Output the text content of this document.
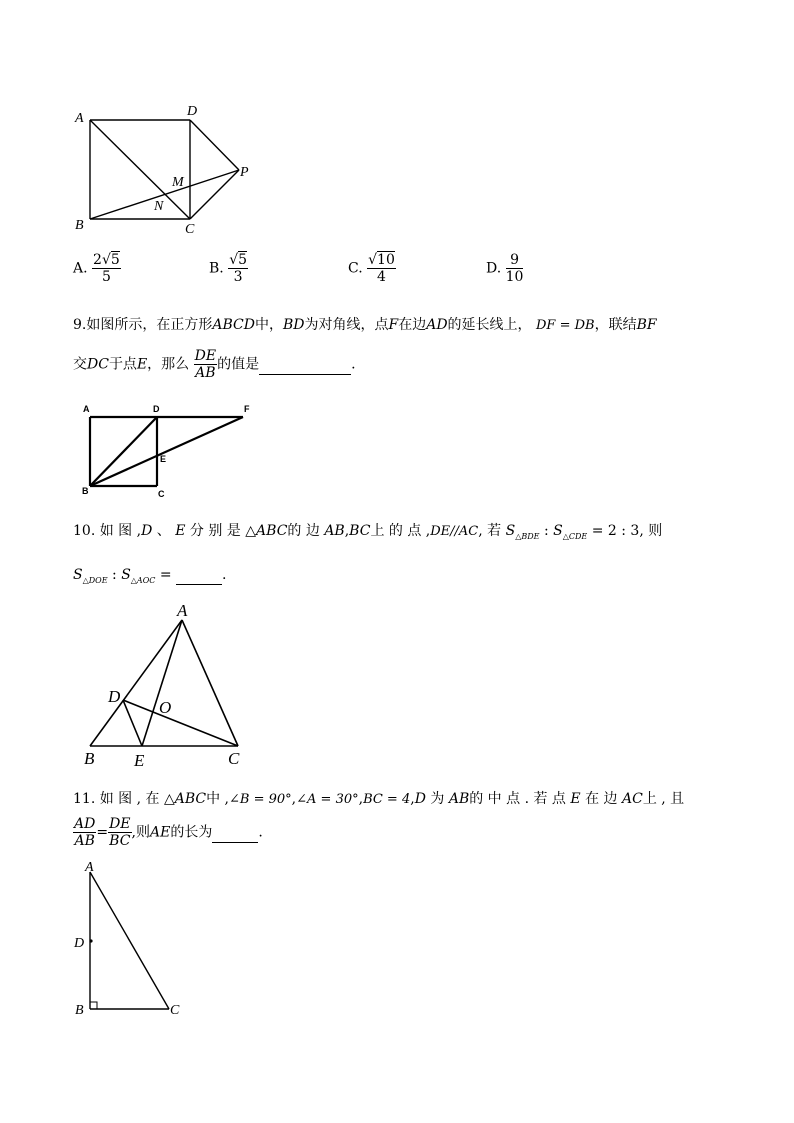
A	D
P
M
N
B	C
A. $\frac{2√5}{5}$	B. $\frac{√5}{3}$	C. $\frac{√10}{4}$	D. $\frac{9}{10}$
9.如图所示，在正方形ABCD中，BD为对角线，点F在边AD的延长线上， DF = DB，联结BF
交DC于点E，那么 $\frac{DE}{AB}$ 的值是	.
A	D	F
E
B	C
10. 如 图 ,D 、 E 分 别 是 △ABC的 边 AB,BC上 的 点 ,DE//AC, 若 $S_{\triangle BDE}$ : $S_{\triangle CDE} = 2$ : 3, 则
$S_{\triangle DOE}$ : $S_{\triangle AOC}$ =	.
A
D
O
B E	C
11. 如 图 , 在 △ABC中 ,∠B = 90°,∠A = 30°,BC = 4,D 为 AB的 中 点 . 若 点 E 在 边 AC上 , 且
$\frac{AD}{AB} = \frac{DE}{BC}$ ,则AE的长为	.
A
D
B	C
